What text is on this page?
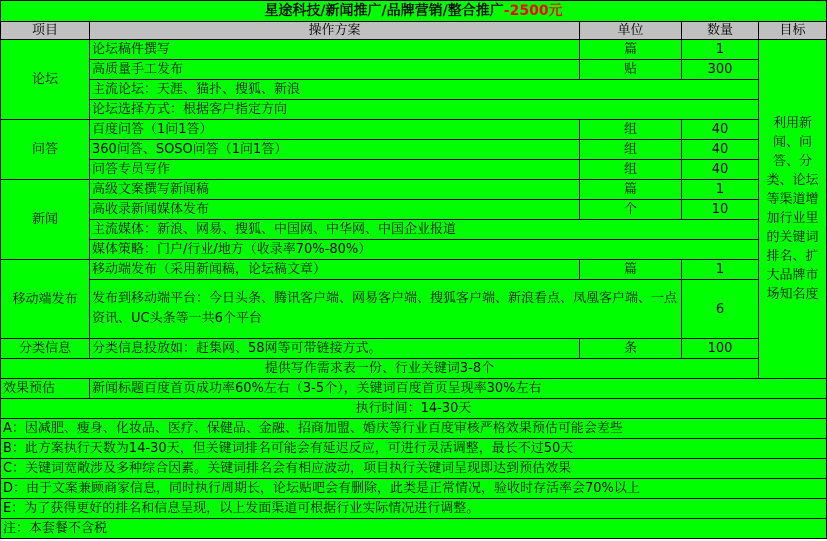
星途科技/新闻推广/品牌营销/整合推广-2500元				
项目	操作方案	单位	数量	目标
论坛	论坛稿件撰写	篇	1	利用新闻、问答、分类、论坛等渠道增加行业里的关键词排名、扩大品牌市场知名度
	高质量手工发布	贴	300	
	主流论坛：天涯、猫扑、搜狐、新浪			
	论坛选择方式：根据客户指定方向			
问答	百度问答（1问1答）	组	40	
	360问答、SOSO问答（1问1答）	组	40	
	问答专员写作	组	40	
新闻	高级文案撰写新闻稿	篇	1	
	高收录新闻媒体发布	个	10	
	主流媒体：新浪、网易、搜狐、中国网、中华网、中国企业报道			
	媒体策略：门户/行业/地方（收录率70%-80%）			
移动端发布	移动端发布（采用新闻稿，论坛稿文章）	篇	1	
	发布到移动端平台：今日头条、腾讯客户端、网易客户端、搜狐客户端、新浪看点、凤凰客户端、一点资讯、UC头条等一共6个平台		6	
分类信息	分类信息投放如：赶集网、58网等可带链接方式。	条	100	
提供写作需求表一份、行业关键词3-8个				
效果预估	新闻标题百度首页成功率60%左右（3-5个），关键词百度首页呈现率30%左右			
执行时间：14-30天				
A：因减肥、瘦身、化妆品、医疗、保健品、金融、招商加盟、婚庆等行业百度审核严格效果预估可能会差些				
B：此方案执行天数为14-30天，但关键词排名可能会有延迟反应，可进行灵活调整，最长不过50天				
C：关键词宽敞涉及多种综合因素。关键词排名会有相应波动，项目执行关键词呈现即达到预估效果				
D：由于文案兼顾商家信息，同时执行周期长，论坛贴吧会有删除，此类是正常情况，验收时存活率会70%以上				
E：为了获得更好的排名和信息呈现，以上发面渠道可根据行业实际情况进行调整。				
注：本套餐不含税				
